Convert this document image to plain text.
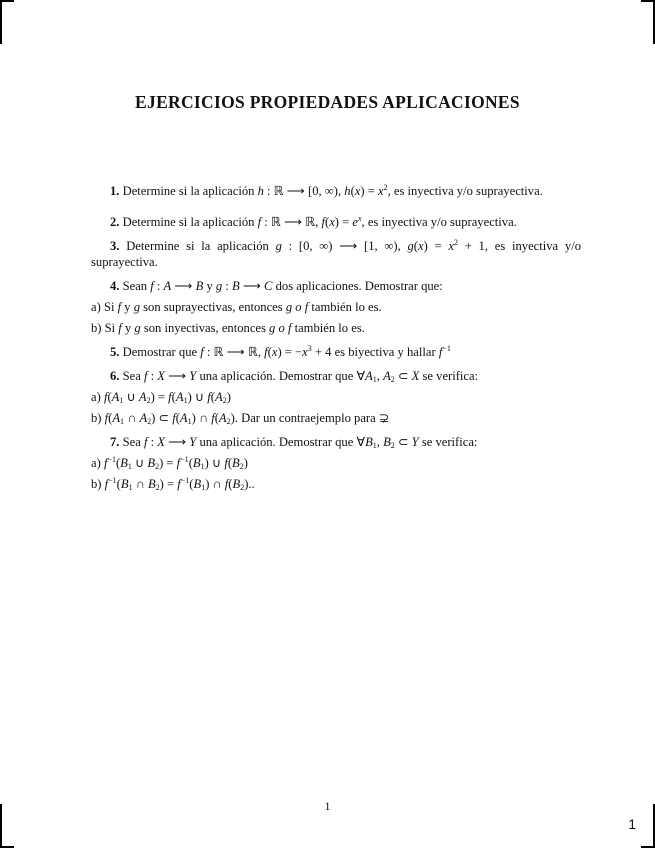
EJERCICIOS PROPIEDADES APLICACIONES

1. Determine si la aplicación h : ℝ ⟶ [0, ∞), $h(x) = x^2$, es inyectiva y/o suprayectiva.

2. Determine si la aplicación f : ℝ ⟶ ℝ, $f(x) = e^x$, es inyectiva y/o suprayectiva.

3. Determine si la aplicación g : [0, ∞) ⟶ [1, ∞), $g(x) = x^2 + 1$, es inyectiva y/o suprayectiva.

4. Sean f : A ⟶ B y g : B ⟶ C dos aplicaciones. Demostrar que:

a) Si f y g son suprayectivas, entonces g o f también lo es.

b) Si f y g son inyectivas, entonces g o f también lo es.

5. Demostrar que f : ℝ ⟶ ℝ, $f(x) = -x^3 + 4$ es biyectiva y hallar $f^{-1}$

6. Sea f : X ⟶ Y una aplicación. Demostrar que $\forall A_1$, $A_2$ ⊂ X se verifica:

a) $f(A_1$ ∪ $A_2) = f(A_1)$ ∪ $f(A_2)$

b) $f(A_1$ ∩ $A_2$) ⊂ $f(A_1)$ ∩ $f(A_2)$. Dar un contraejemplo para ⊋

7. Sea f : X ⟶ Y una aplicación. Demostrar que $\forall B_1$, $B_2$ ⊂ Y se verifica:

a) $f^{-1}(B_1$ ∪ $B_2) = f^{-1}(B_1)$ ∪ $f(B_2)$

b) $f^{-1}(B_1$ ∩ $B_2) = f^{-1}(B_1)$ ∩ $f(B_2)$..

1
1
